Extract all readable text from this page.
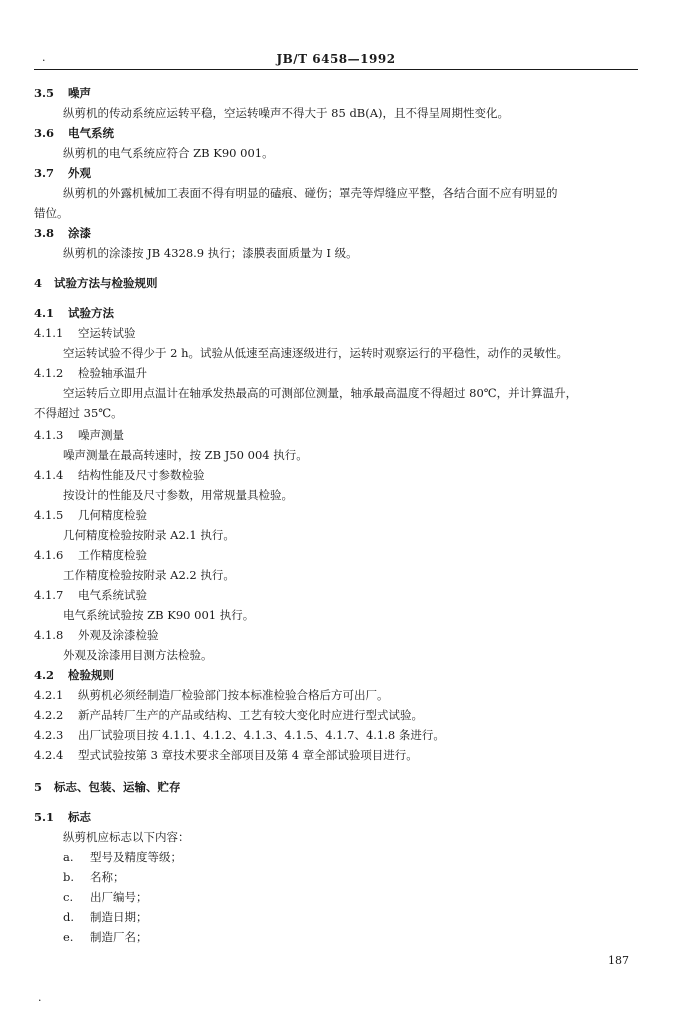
·	JB/T 6458—1992
3.5 噪声
纵剪机的传动系统应运转平稳，空运转噪声不得大于 85 dB(A)，且不得呈周期性变化。
3.6 电气系统
纵剪机的电气系统应符合 ZB K90 001。
3.7 外观
纵剪机的外露机械加工表面不得有明显的磕痕、碰伤；罩壳等焊缝应平整，各结合面不应有明显的
错位。
3.8 涂漆
纵剪机的涂漆按 JB 4328.9 执行；漆膜表面质量为 I 级。
4 试验方法与检验规则
4.1 试验方法
4.1.1 空运转试验
空运转试验不得少于 2 h。试验从低速至高速逐级进行，运转时观察运行的平稳性，动作的灵敏性。
4.1.2 检验轴承温升
空运转后立即用点温计在轴承发热最高的可测部位测量，轴承最高温度不得超过 80℃，并计算温升，
不得超过 35℃。
4.1.3 噪声测量
噪声测量在最高转速时，按 ZB J50 004 执行。
4.1.4 结构性能及尺寸参数检验
按设计的性能及尺寸参数，用常规量具检验。
4.1.5 几何精度检验
几何精度检验按附录 A2.1 执行。
4.1.6 工作精度检验
工作精度检验按附录 A2.2 执行。
4.1.7 电气系统试验
电气系统试验按 ZB K90 001 执行。
4.1.8 外观及涂漆检验
外观及涂漆用目测方法检验。
4.2 检验规则
4.2.1 纵剪机必须经制造厂检验部门按本标准检验合格后方可出厂。
4.2.2 新产品转厂生产的产品或结构、工艺有较大变化时应进行型式试验。
4.2.3 出厂试验项目按 4.1.1、4.1.2、4.1.3、4.1.5、4.1.7、4.1.8 条进行。
4.2.4 型式试验按第 3 章技术要求全部项目及第 4 章全部试验项目进行。
5 标志、包装、运输、贮存
5.1 标志
纵剪机应标志以下内容：
a. 型号及精度等级；
b. 名称；
c. 出厂编号；
d. 制造日期；
e. 制造厂名；
187
·
